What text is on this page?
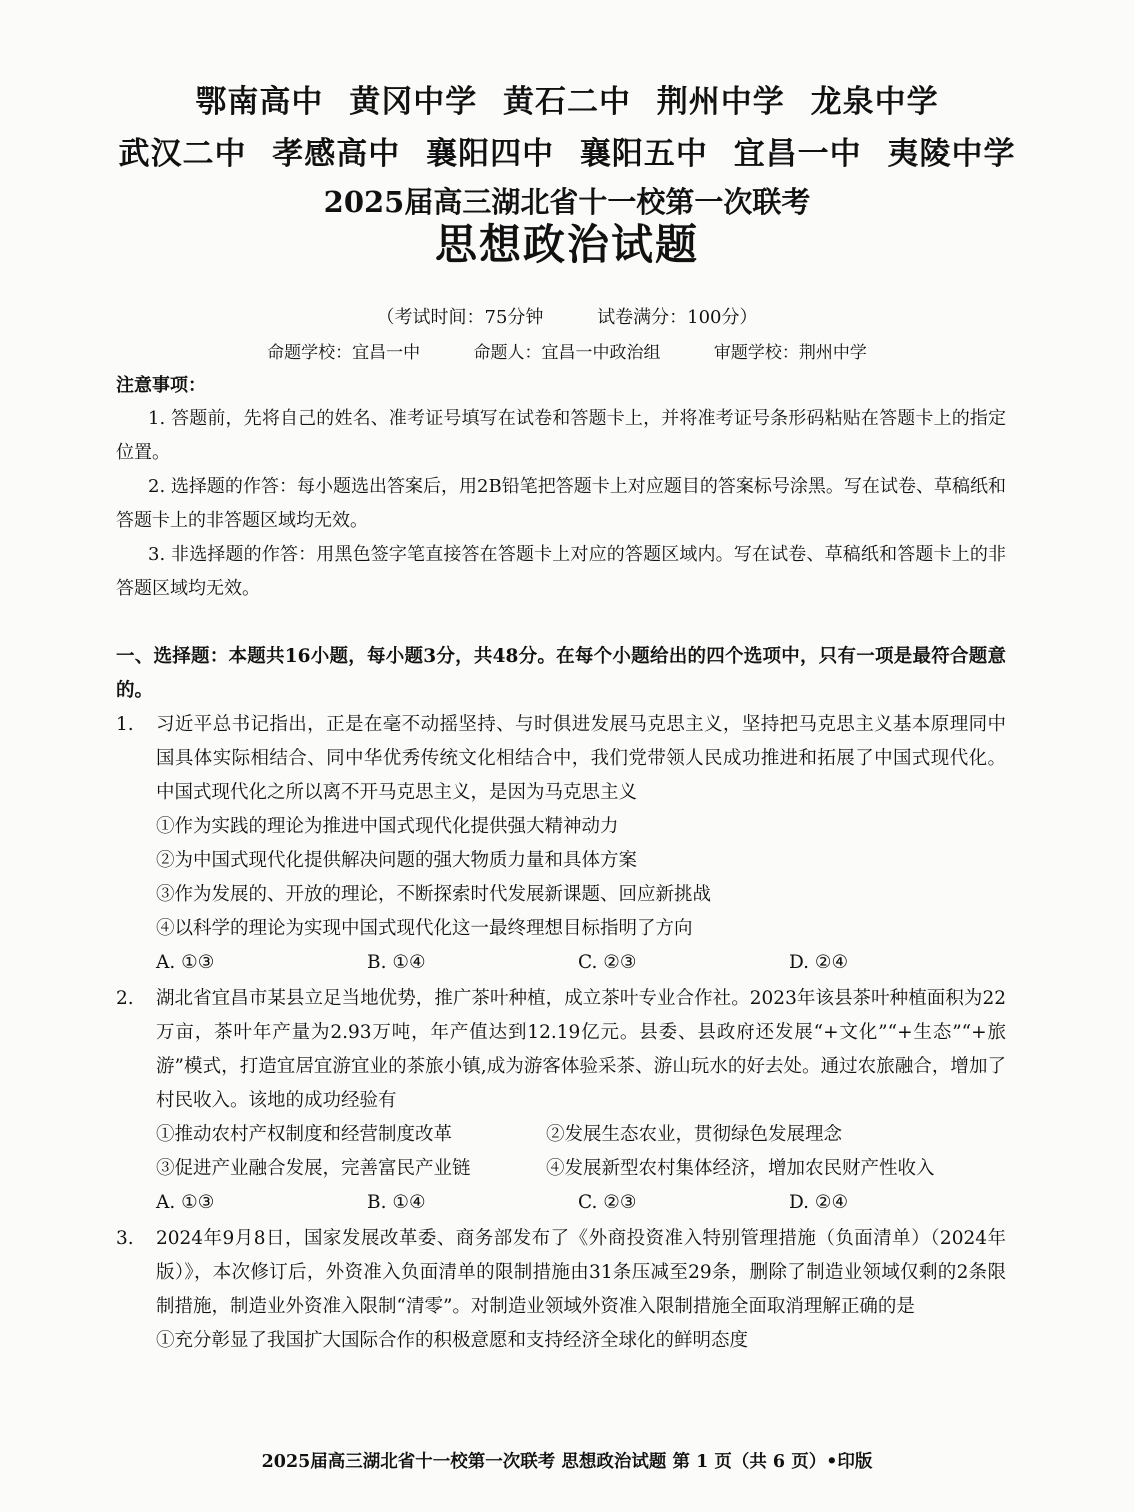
鄂南高中 黄冈中学 黄石二中 荆州中学 龙泉中学
武汉二中 孝感高中 襄阳四中 襄阳五中 宜昌一中 夷陵中学
2025届高三湖北省十一校第一次联考
思想政治试题
（考试时间：75分钟	试卷满分：100分）
命题学校：宜昌一中	命题人：宜昌一中政治组	审题学校：荆州中学
注意事项：
1. 答题前，先将自己的姓名、准考证号填写在试卷和答题卡上，并将准考证号条形码粘贴在答题卡上的指定位置。
2. 选择题的作答：每小题选出答案后，用2B铅笔把答题卡上对应题目的答案标号涂黑。写在试卷、草稿纸和答题卡上的非答题区域均无效。
3. 非选择题的作答：用黑色签字笔直接答在答题卡上对应的答题区域内。写在试卷、草稿纸和答题卡上的非答题区域均无效。
一、选择题：本题共16小题，每小题3分，共48分。在每个小题给出的四个选项中，只有一项是最符合题意的。
1.	习近平总书记指出，正是在毫不动摇坚持、与时俱进发展马克思主义，坚持把马克思主义基本原理同中国具体实际相结合、同中华优秀传统文化相结合中，我们党带领人民成功推进和拓展了中国式现代化。中国式现代化之所以离不开马克思主义，是因为马克思主义
①作为实践的理论为推进中国式现代化提供强大精神动力
②为中国式现代化提供解决问题的强大物质力量和具体方案
③作为发展的、开放的理论，不断探索时代发展新课题、回应新挑战
④以科学的理论为实现中国式现代化这一最终理想目标指明了方向
A. ①③	B. ①④	C. ②③	D. ②④
2.	湖北省宜昌市某县立足当地优势，推广茶叶种植，成立茶叶专业合作社。2023年该县茶叶种植面积为22万亩，茶叶年产量为2.93万吨，年产值达到12.19亿元。县委、县政府还发展“+文化”“+生态”“+旅游”模式，打造宜居宜游宜业的茶旅小镇,成为游客体验采茶、游山玩水的好去处。通过农旅融合，增加了村民收入。该地的成功经验有
①推动农村产权制度和经营制度改革	②发展生态农业，贯彻绿色发展理念
③促进产业融合发展，完善富民产业链	④发展新型农村集体经济，增加农民财产性收入
A. ①③	B. ①④	C. ②③	D. ②④
3.	2024年9月8日，国家发展改革委、商务部发布了《外商投资准入特别管理措施（负面清单）（2024年版）》，本次修订后，外资准入负面清单的限制措施由31条压减至29条，删除了制造业领域仅剩的2条限制措施，制造业外资准入限制“清零”。对制造业领域外资准入限制措施全面取消理解正确的是
①充分彰显了我国扩大国际合作的积极意愿和支持经济全球化的鲜明态度
2025届高三湖北省十一校第一次联考 思想政治试题 第 1 页（共 6 页）•印版
